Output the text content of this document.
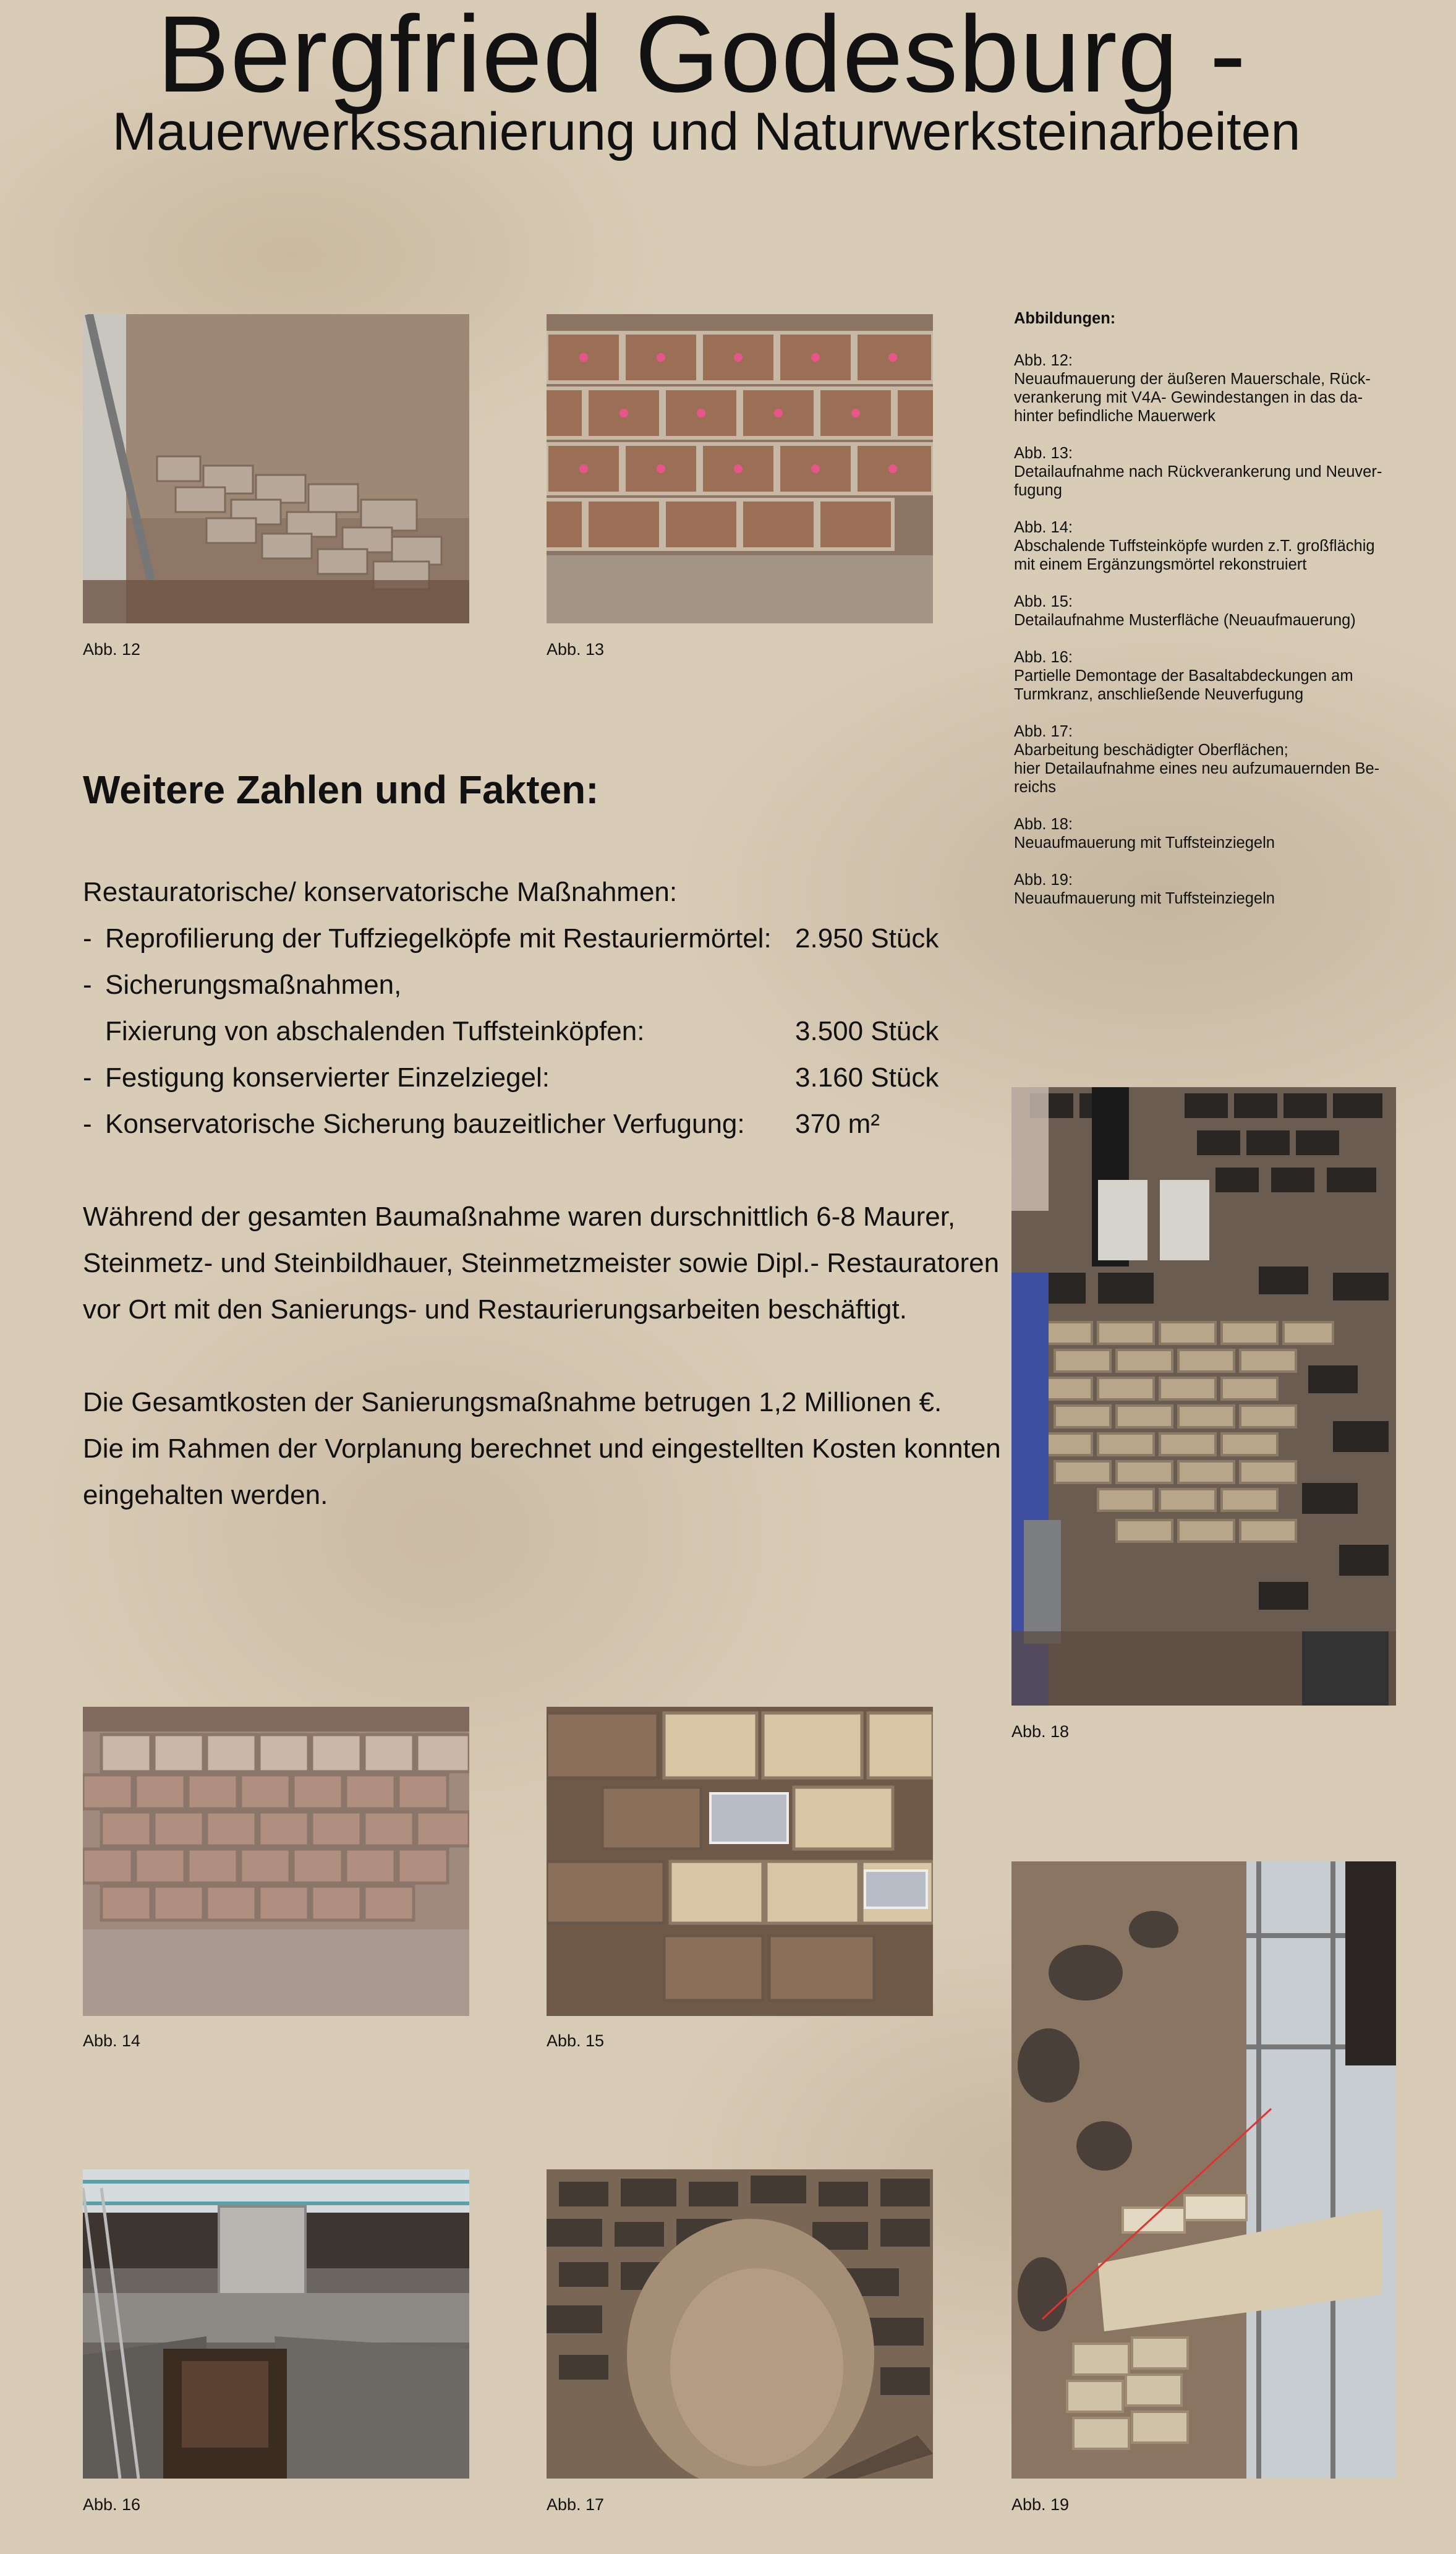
Bergfried Godesburg -
Mauerwerkssanierung und Naturwerksteinarbeiten
Abb. 12	Abb. 13
Abbildungen:
Abb. 12:
Neuaufmauerung der äußeren Mauerschale, Rück-
verankerung mit V4A- Gewindestangen in das da-
hinter befindliche Mauerwerk
Abb. 13:
Detailaufnahme nach Rückverankerung und Neuver-
fugung
Abb. 14:
Abschalende Tuffsteinköpfe wurden z.T. großflächig
mit einem Ergänzungsmörtel rekonstruiert
Abb. 15:
Detailaufnahme Musterfläche (Neuaufmauerung)
Abb. 16:
Partielle Demontage der Basaltabdeckungen am
Turmkranz, anschließende Neuverfugung
Abb. 17:
Abarbeitung beschädigter Oberflächen;
hier Detailaufnahme eines neu aufzumauernden Be-
reichs
Abb. 18:
Neuaufmauerung mit Tuffsteinziegeln
Abb. 19:
Neuaufmauerung mit Tuffsteinziegeln
Weitere Zahlen und Fakten:
Restauratorische/ konservatorische Maßnahmen:
- Reprofilierung der Tuffziegelköpfe mit Restauriermörtel: 2.950 Stück
- Sicherungsmaßnahmen,
Fixierung von abschalenden Tuffsteinköpfen:	3.500 Stück
- Festigung konservierter Einzelziegel:	3.160 Stück
- Konservatorische Sicherung bauzeitlicher Verfugung: 370 m²
Während der gesamten Baumaßnahme waren durschnittlich 6-8 Maurer,
Steinmetz- und Steinbildhauer, Steinmetzmeister sowie Dipl.- Restauratoren
vor Ort mit den Sanierungs- und Restaurierungsarbeiten beschäftigt.
Die Gesamtkosten der Sanierungsmaßnahme betrugen 1,2 Millionen €.
Die im Rahmen der Vorplanung berechnet und eingestellten Kosten konnten
eingehalten werden.
Abb. 18
Abb. 14	Abb. 15
Abb. 19
Abb. 16	Abb. 17
